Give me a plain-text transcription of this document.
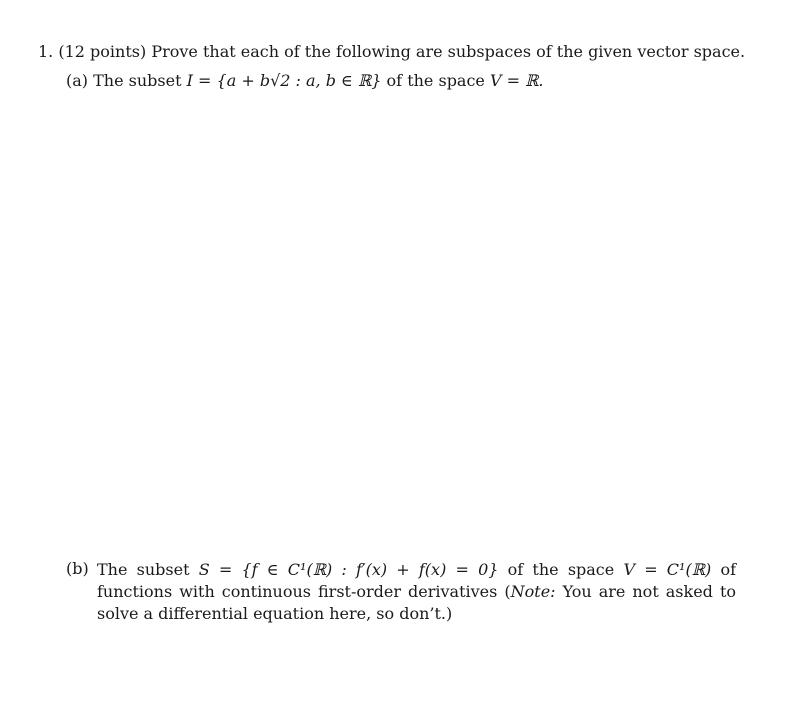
1. (12 points) Prove that each of the following are subspaces of the given vector space.
(a) The subset I = {a + b√2 : a, b ∈ ℝ} of the space V = ℝ.
(b) The subset S = {f ∈ C¹(ℝ) : f′(x) + f(x) = 0} of the space V = C¹(ℝ) of functions with continuous first-order derivatives (Note: You are not asked to solve a differential equation here, so don’t.)
